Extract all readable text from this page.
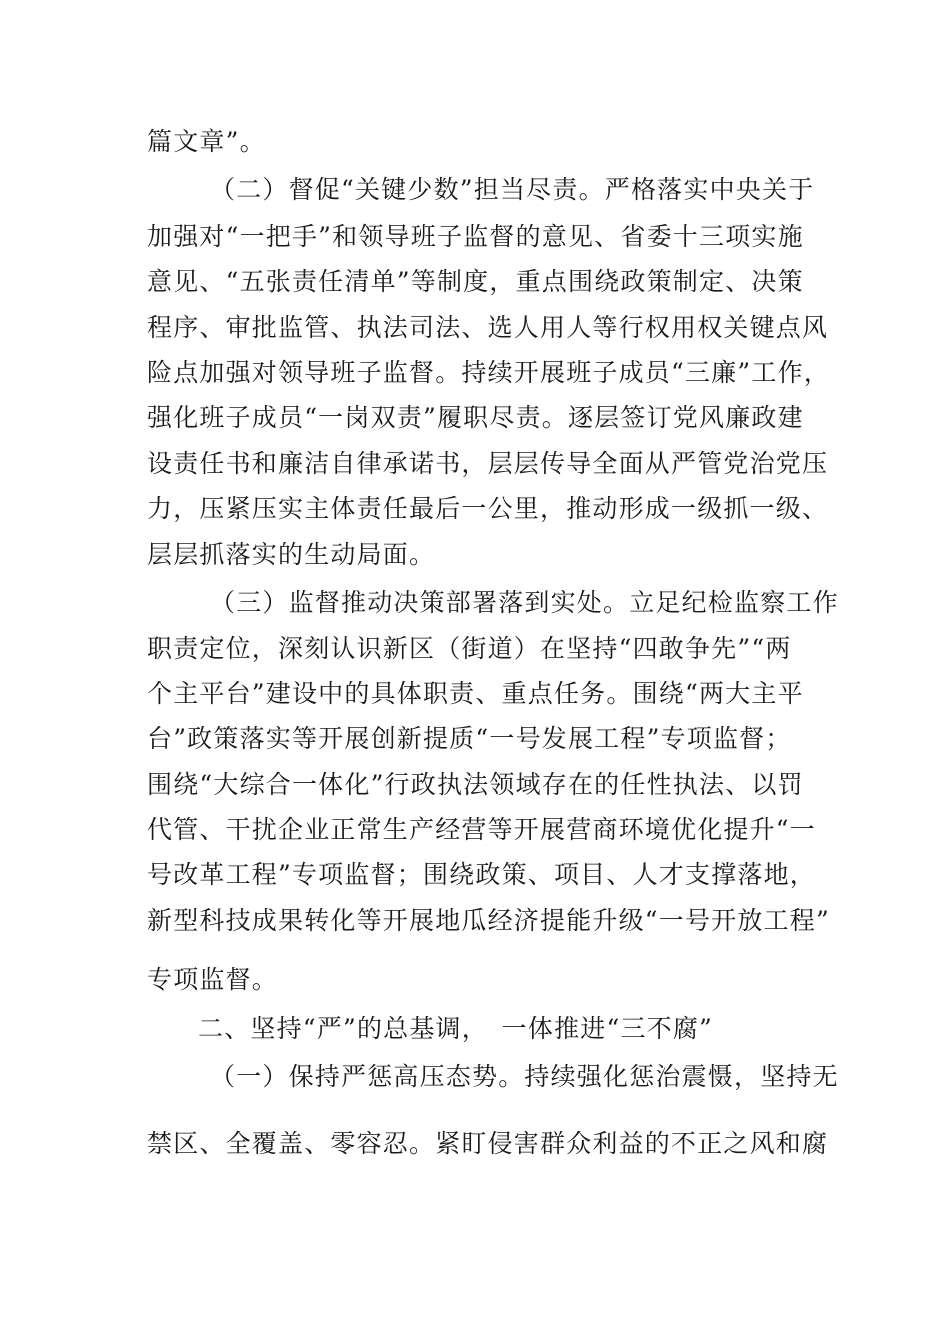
篇文章”。
（二）督促“关键少数”担当尽责。严格落实中央关于
加强对“一把手”和领导班子监督的意见、省委十三项实施
意见、“五张责任清单”等制度，重点围绕政策制定、决策
程序、审批监管、执法司法、选人用人等行权用权关键点风
险点加强对领导班子监督。持续开展班子成员“三廉”工作，
强化班子成员“一岗双责”履职尽责。逐层签订党风廉政建
设责任书和廉洁自律承诺书，层层传导全面从严管党治党压
力，压紧压实主体责任最后一公里，推动形成一级抓一级、
层层抓落实的生动局面。
（三）监督推动决策部署落到实处。立足纪检监察工作
职责定位，深刻认识新区（街道）在坚持“四敢争先”“两
个主平台”建设中的具体职责、重点任务。围绕“两大主平
台”政策落实等开展创新提质“一号发展工程”专项监督；
围绕“大综合一体化”行政执法领域存在的任性执法、以罚
代管、干扰企业正常生产经营等开展营商环境优化提升“一
号改革工程”专项监督；围绕政策、项目、人才支撑落地，
新型科技成果转化等开展地瓜经济提能升级“一号开放工程”
专项监督。
二、坚持“严”的总基调，　一体推进“三不腐”
（一）保持严惩高压态势。持续强化惩治震慑，坚持无
禁区、全覆盖、零容忍。紧盯侵害群众利益的不正之风和腐
